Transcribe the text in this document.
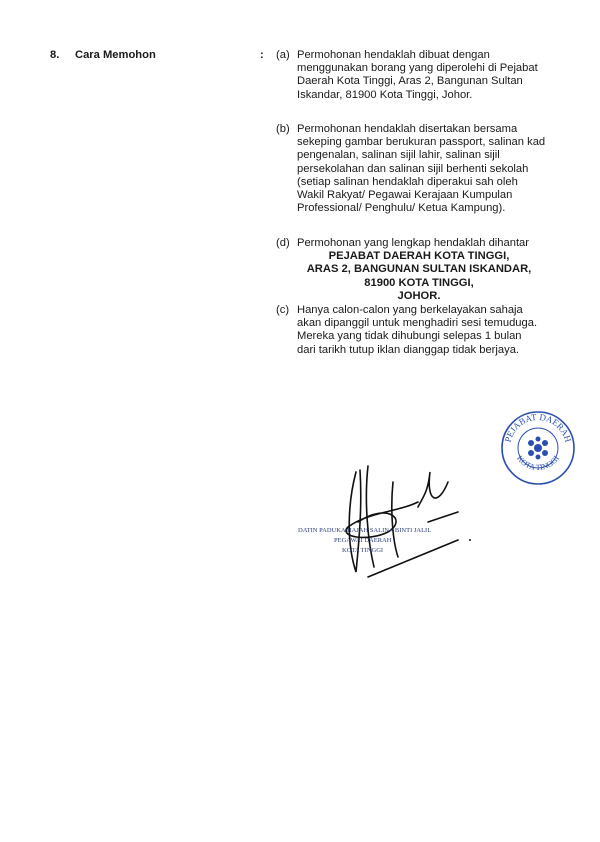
8. Cara Memohon	: (a) Permohonan hendaklah dibuat dengan menggunakan borang yang diperolehi di Pejabat Daerah Kota Tinggi, Aras 2, Bangunan Sultan Iskandar, 81900 Kota Tinggi, Johor.
(b) Permohonan hendaklah disertakan bersama sekeping gambar berukuran passport, salinan kad pengenalan, salinan sijil lahir, salinan sijil persekolahan dan salinan sijil berhenti sekolah (setiap salinan hendaklah diperakui sah oleh Wakil Rakyat/ Pegawai Kerajaan Kumpulan Professional/ Penghulu/ Ketua Kampung).
(d) Permohonan yang lengkap hendaklah dihantar
PEJABAT DAERAH KOTA TINGGI,
ARAS 2, BANGUNAN SULTAN ISKANDAR,
81900 KOTA TINGGI,
JOHOR.
(c) Hanya calon-calon yang berkelayakan sahaja akan dipanggil untuk menghadiri sesi temuduga. Mereka yang tidak dihubungi selepas 1 bulan dari tarikh tutup iklan dianggap tidak berjaya.
PEJABAT DAERAH
KOTA TINGGI
DATIN PADUKA HAJAH SALINA BINTI JALIL
PEGAWAI DAERAH
KOTA TINGGI
